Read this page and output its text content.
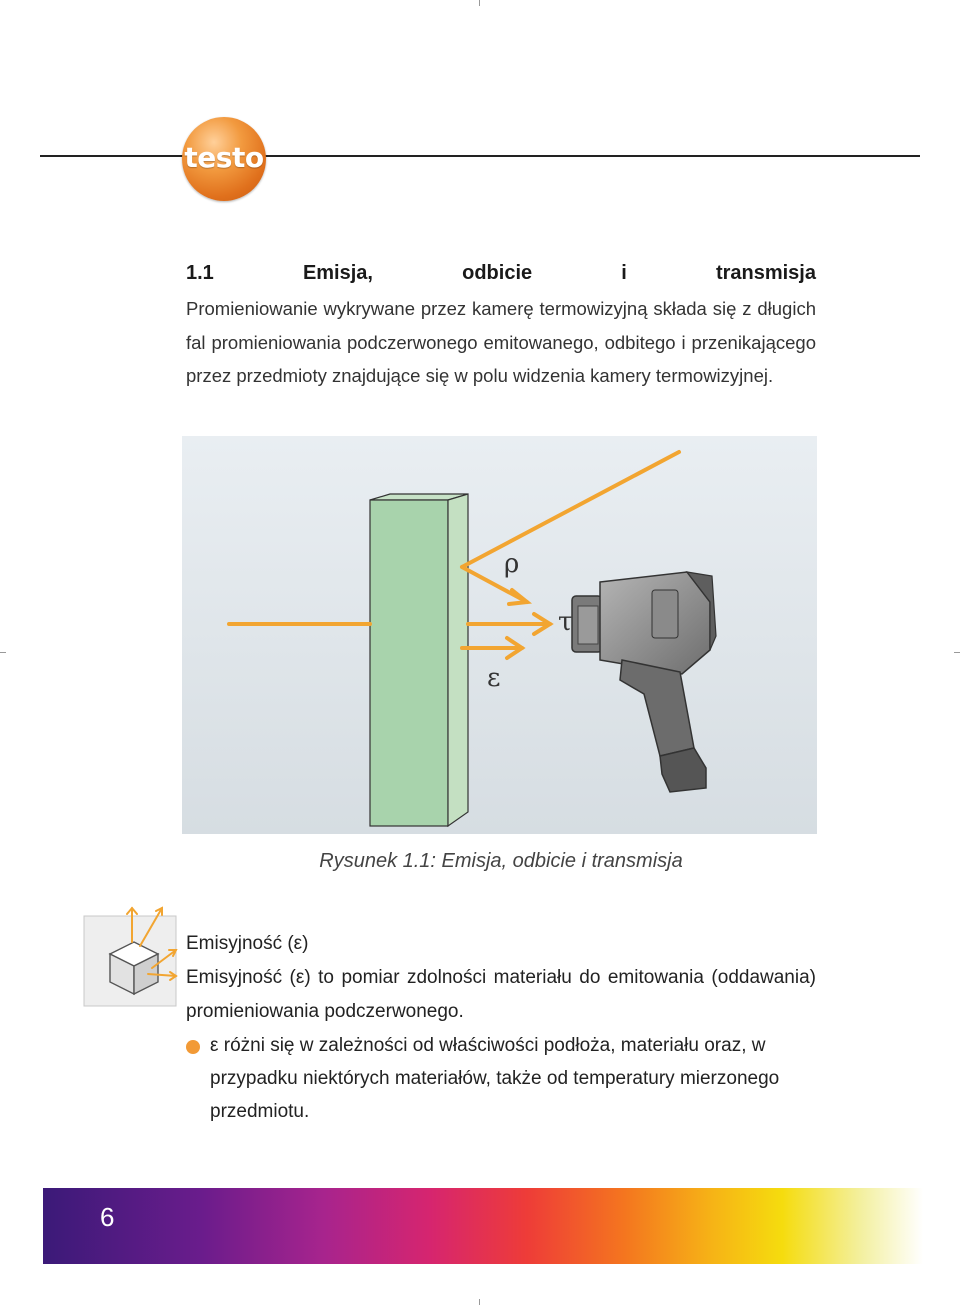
testo
1.1	Emisja,	odbicie	i	transmisja
Promieniowanie wykrywane przez kamerę termowizyjną składa się z długich fal promieniowania podczerwonego emitowanego, odbitego i przenikającego przez przedmioty znajdujące się w polu widzenia kamery termowizyjnej.
ρ
τ
ε
Rysunek 1.1: Emisja, odbicie i transmisja
Emisyjność (ε)
Emisyjność (ε) to pomiar zdolności materiału do emitowania (oddawania) promieniowania podczerwonego.
ε różni się w zależności od właściwości podłoża, materiału oraz, w przypadku niektórych materiałów, także od temperatury mierzonego przedmiotu.
6
